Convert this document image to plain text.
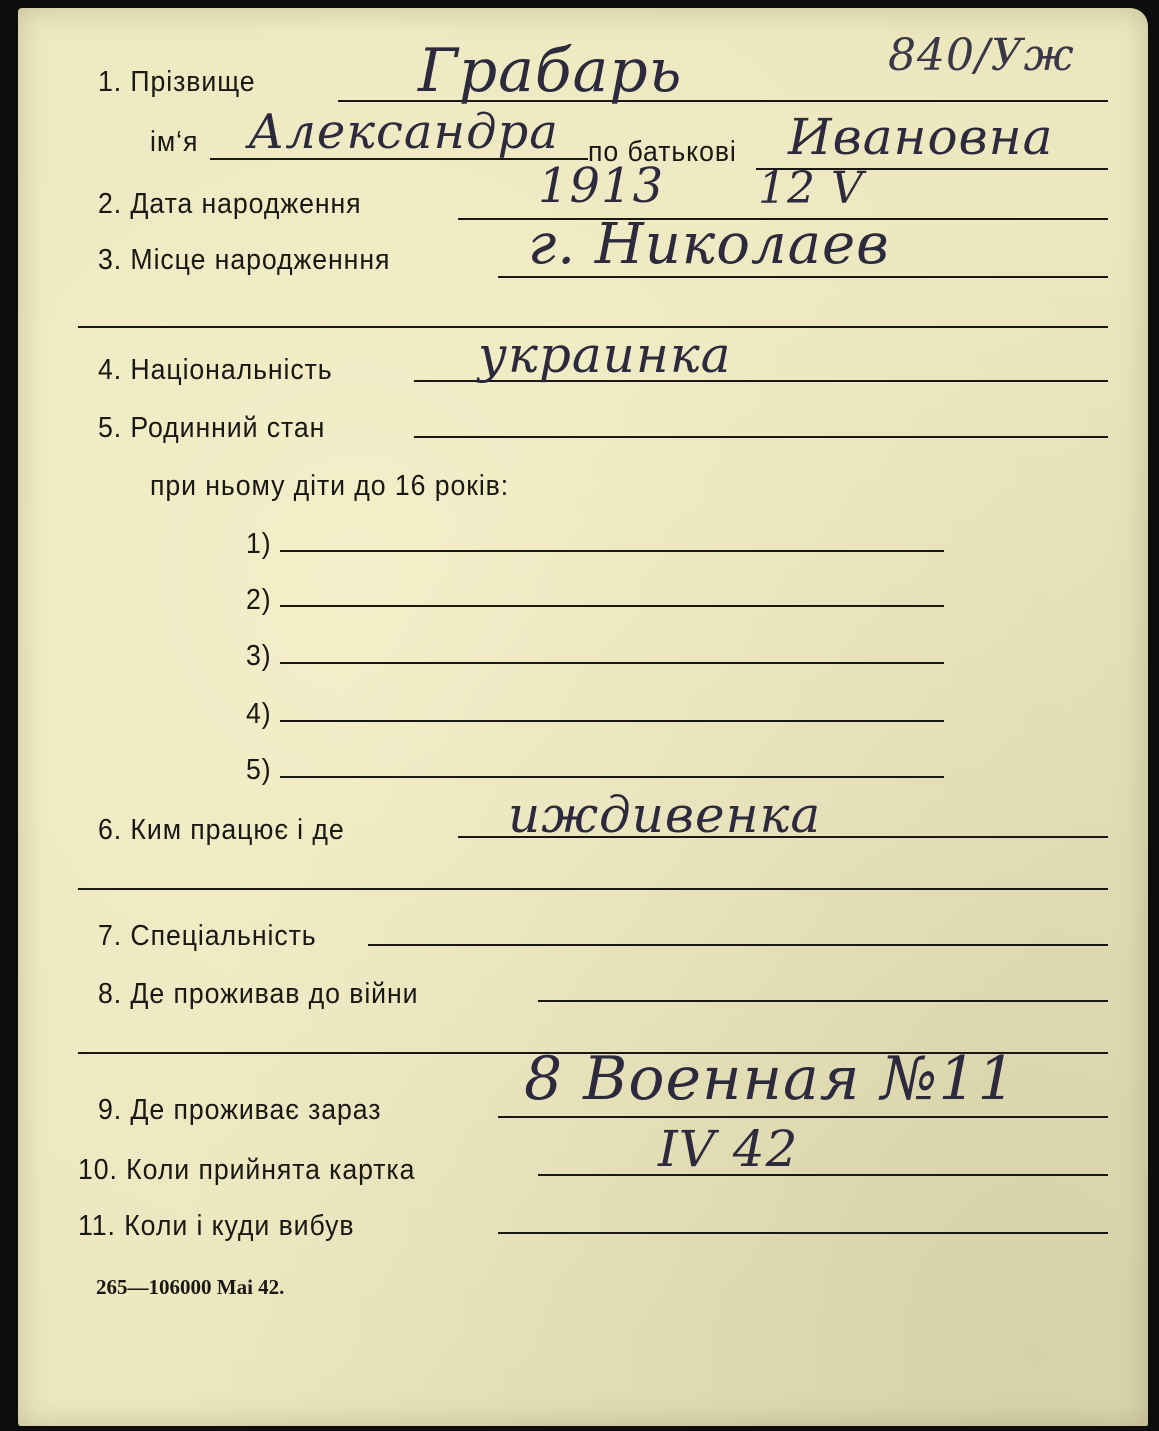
840/Уж
1. Прізвище	Грабарь
ім‘я Александра по батькові Ивановна
2. Дата народження	1913 12 V
3. Місце народженння г. Николаев
4. Національність	украинка
5. Родинний стан
при ньому діти до 16 років:
1)
2)
3)
4)
5)
6. Ким працює і де	иждивенка
7. Спеціальність
8. Де проживав до війни
9. Де проживає зараз 8 Военная №11
10. Коли прийнята картка	IV 42
11. Коли і куди вибув
265—106000 Mai 42.
